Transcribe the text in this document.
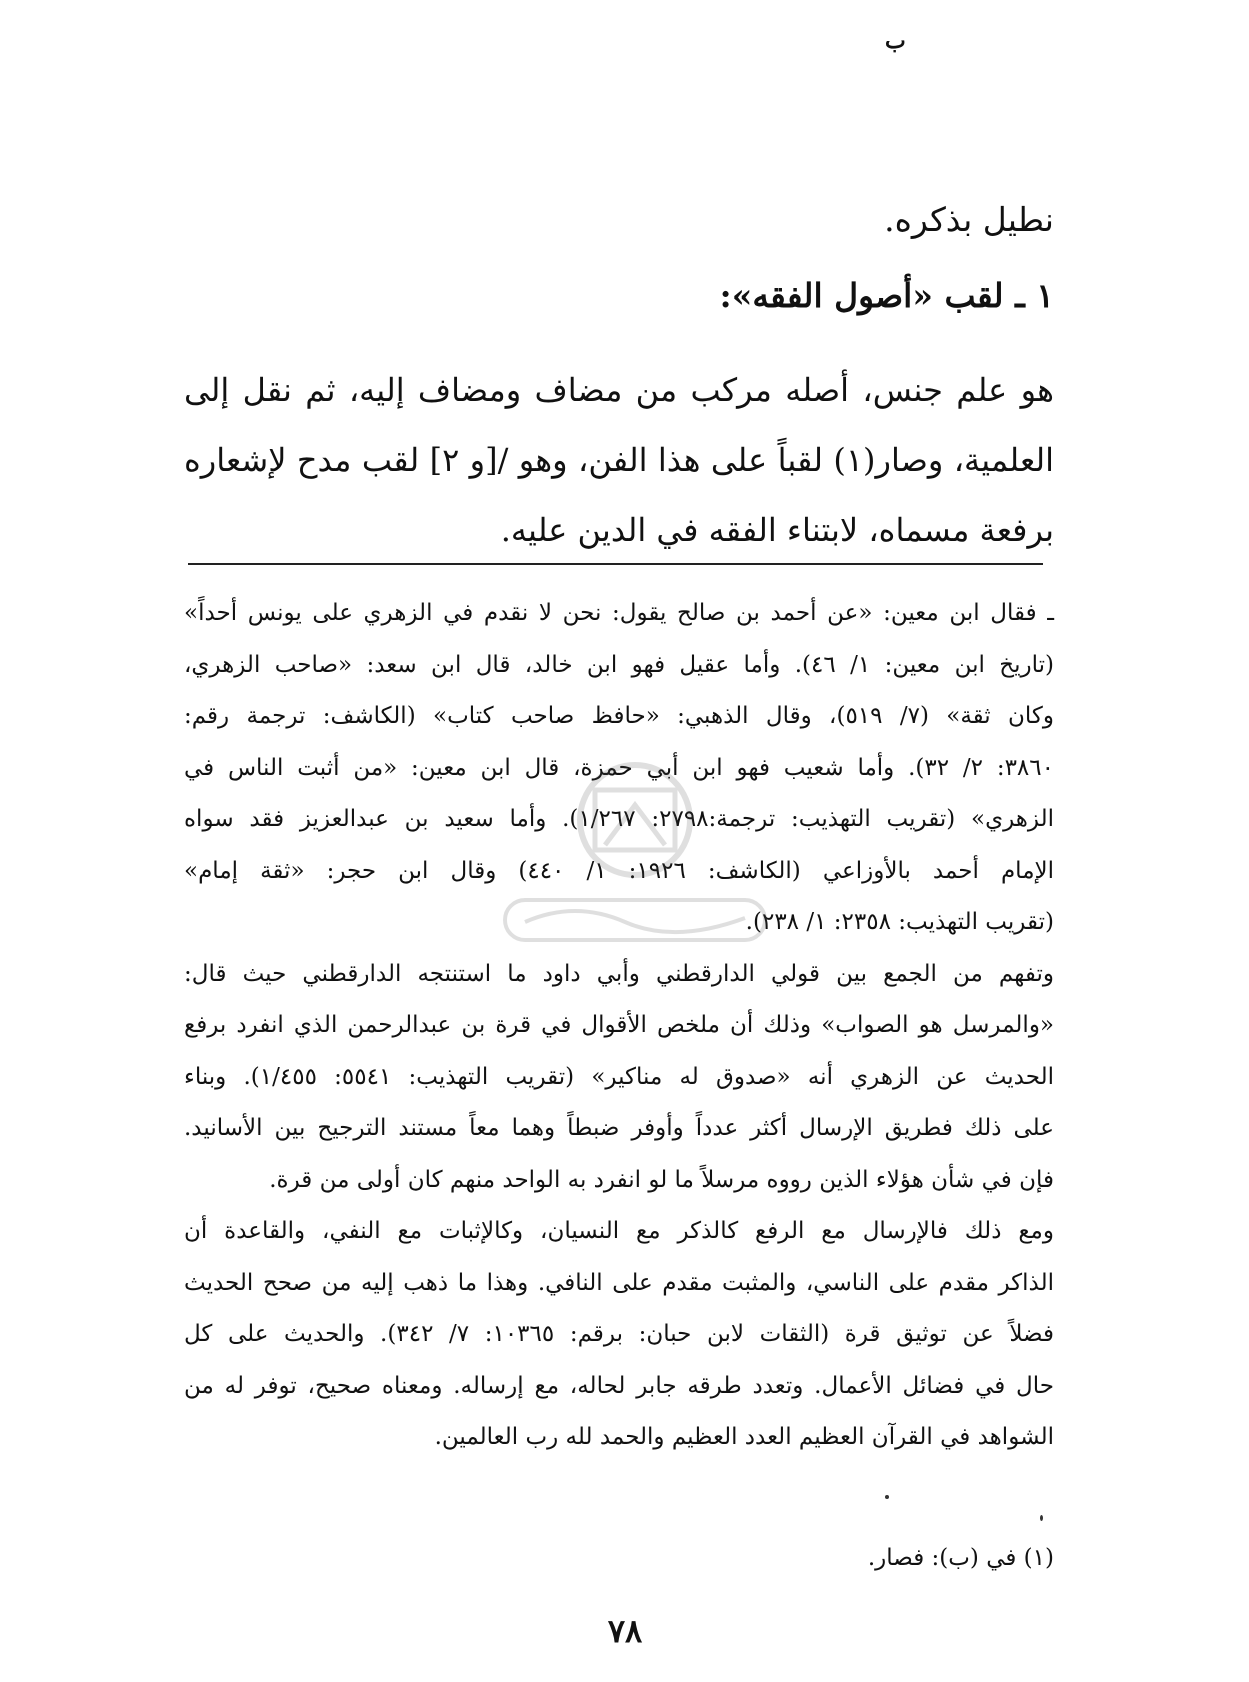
ب
نطيل بذكره.
١ ـ لقب «أصول الفقه»:
هو علم جنس، أصله مركب من مضاف ومضاف إليه، ثم نقل إلى
العلمية، وصار(١) لقباً على هذا الفن، وهو /[و ٢] لقب مدح لإشعاره
برفعة مسماه، لابتناء الفقه في الدين عليه.
ـ فقال ابن معين: «عن أحمد بن صالح يقول: نحن لا نقدم في الزهري على يونس أحداً»
(تاريخ ابن معين: ١/ ٤٦). وأما عقيل فهو ابن خالد، قال ابن سعد: «صاحب الزهري،
وكان ثقة» (٧/ ٥١٩)، وقال الذهبي: «حافظ صاحب كتاب» (الكاشف: ترجمة رقم:
٣٨٦٠: ٢/ ٣٢). وأما شعيب فهو ابن أبي حمزة، قال ابن معين: «من أثبت الناس في
الزهري» (تقريب التهذيب: ترجمة:٢٧٩٨: ١/٢٦٧). وأما سعيد بن عبدالعزيز فقد سواه
الإمام أحمد بالأوزاعي (الكاشف: ١٩٢٦: ١/ ٤٤٠) وقال ابن حجر: «ثقة إمام»
(تقريب التهذيب: ٢٣٥٨: ١/ ٢٣٨).
وتفهم من الجمع بين قولي الدارقطني وأبي داود ما استنتجه الدارقطني حيث قال:
«والمرسل هو الصواب» وذلك أن ملخص الأقوال في قرة بن عبدالرحمن الذي انفرد برفع
الحديث عن الزهري أنه «صدوق له مناكير» (تقريب التهذيب: ٥٥٤١: ١/٤٥٥). وبناء
على ذلك فطريق الإرسال أكثر عدداً وأوفر ضبطاً وهما معاً مستند الترجيح بين الأسانيد.
فإن في شأن هؤلاء الذين رووه مرسلاً ما لو انفرد به الواحد منهم كان أولى من قرة.
ومع ذلك فالإرسال مع الرفع كالذكر مع النسيان، وكالإثبات مع النفي، والقاعدة أن
الذاكر مقدم على الناسي، والمثبت مقدم على النافي. وهذا ما ذهب إليه من صحح الحديث
فضلاً عن توثيق قرة (الثقات لابن حبان: برقم: ١٠٣٦٥: ٧/ ٣٤٢). والحديث على كل
حال في فضائل الأعمال. وتعدد طرقه جابر لحاله، مع إرساله. ومعناه صحيح، توفر له من
الشواهد في القرآن العظيم العدد العظيم والحمد لله رب العالمين.
(١) في (ب): فصار.
٧٨
